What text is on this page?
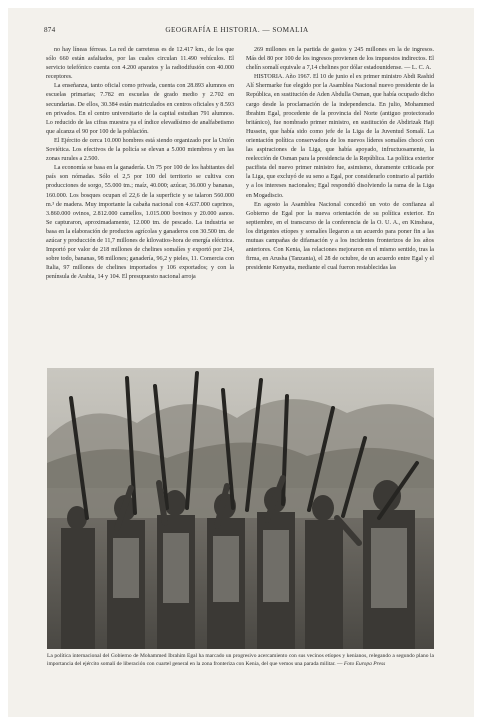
874	GEOGRAFÍA E HISTORIA. — SOMALIA

no hay líneas férreas. La red de carreteras es de 12.417 km., de los que sólo 660 están asfaltados, por las cuales circulan 11.490 vehículos. El servicio telefónico cuenta con 4.200 aparatos y la radiodifusión con 40.000 receptores.

La enseñanza, tanto oficial como privada, cuenta con 28.893 alumnos en escuelas primarias; 7.782 en escuelas de grado medio y 2.702 en secundarias. De ellos, 30.384 están matriculados en centros oficiales y 8.593 en privados. En el centro universitario de la capital estudian 791 alumnos. Lo reducido de las cifras muestra ya el índice elevadísimo de analfabetismo que alcanza el 90 por 100 de la población.

El Ejército de cerca 10.000 hombres está siendo organizado por la Unión Soviética. Los efectivos de la policía se elevan a 5.000 miembros y en las zonas rurales a 2.500.

La economía se basa en la ganadería. Un 75 por 100 de los habitantes del país son nómadas. Sólo el 2,5 por 100 del territorio se cultiva con producciones de sorgo, 55.000 tm.; maíz, 40.000; azúcar, 36.000 y bananas, 160.000. Los bosques ocupan el 22,6 de la superficie y se talaron 560.000 m.³ de madera. Muy importante la cabaña nacional con 4.637.000 caprinos, 3.860.000 ovinos, 2.812.000 camellos, 1.015.000 bovinos y 20.000 asnos. Se capturaron, aproximadamente, 12.000 tm. de pescado. La industria se basa en la elaboración de productos agrícolas y ganaderos con 30.500 tm. de azúcar y producción de 11,7 millones de kilovatios-hora de energía eléctrica. Importó por valor de 218 millones de chelines somalíes y exportó por 214, sobre todo, bananas, 98 millones; ganadería, 96,2 y pieles, 11. Comercia con Italia, 97 millones de chelines importados y 106 exportados; y con la península de Arabia, 14 y 104. El presupuesto nacional arroja

269 millones en la partida de gastos y 245 millones en la de ingresos. Más del 80 por 100 de los ingresos provienen de los impuestos indirectos. El chelín somalí equivale a 7,14 chelines por dólar estadounidense. — L. C. A.

HISTORIA. Año 1967. El 10 de junio el ex primer ministro Abdi Rashid Alí Shermarke fue elegido por la Asamblea Nacional nuevo presidente de la República, en sustitución de Aden Abdulla Osman, que había ocupado dicho cargo desde la proclamación de la independencia. En julio, Mohammed Ibrahim Egal, procedente de la provincia del Norte (antiguo protectorado británico), fue nombrado primer ministro, en sustitución de Abdirizak Haji Hussein, que había sido como jefe de la Liga de la Juventud Somalí. La orientación política conservadora de los nuevos líderes somalíes chocó con las aspiraciones de la Liga, que había apoyado, infructuosamente, la reelección de Osman para la presidencia de la República. La política exterior pacifista del nuevo primer ministro fue, asimismo, duramente criticada por la Liga, que excluyó de su seno a Egal, por considerarlo contrario al partido y a los intereses nacionales; Egal respondió disolviendo la rama de la Liga en Mogadiscio.

En agosto la Asamblea Nacional concedió un voto de confianza al Gobierno de Egal por la nueva orientación de su política exterior. En septiembre, en el transcurso de la conferencia de la O. U. A., en Kinshasa, los dirigentes etíopes y somalíes llegaron a un acuerdo para poner fin a las mutuas campañas de difamación y a los incidentes fronterizos de los años anteriores. Con Kenia, las relaciones mejoraron en el mismo sentido, tras la firma, en Arusha (Tanzania), el 28 de octubre, de un acuerdo entre Egal y el presidente Kenyatta, mediante el cual fueron restablecidas las

La política internacional del Gobierno de Mohammed Ibrahim Egal ha marcado un progresivo acercamiento con sus vecinos etíopes y kenianos, relegando a segundo plano la importancia del ejército somalí de liberación con cuartel general en la zona fronteriza con Kenia, del que vemos una parada militar. — Foto Europa Press
